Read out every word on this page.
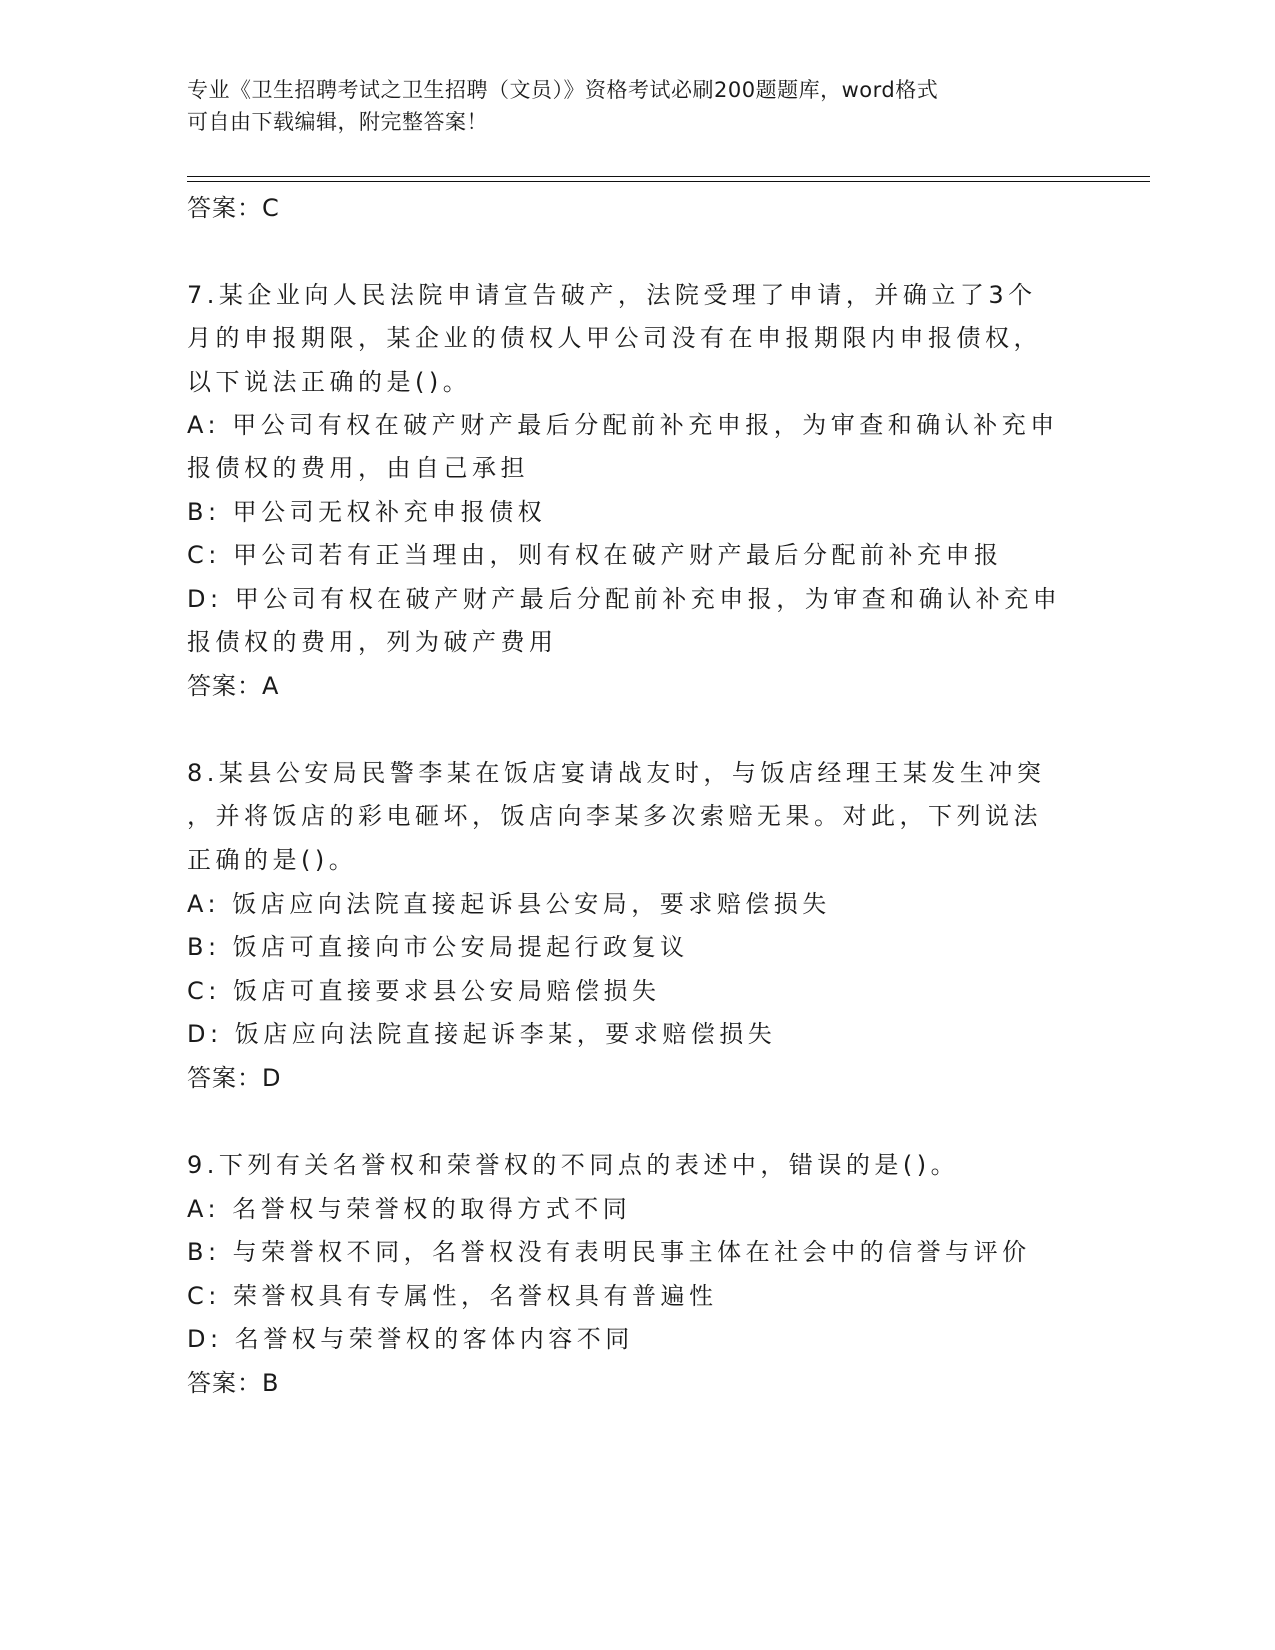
专业《卫生招聘考试之卫生招聘（文员）》资格考试必刷200题题库，word格式
可自由下载编辑，附完整答案！
答案：C
7.某企业向人民法院申请宣告破产，法院受理了申请，并确立了3个
月的申报期限，某企业的债权人甲公司没有在申报期限内申报债权，
以下说法正确的是()。
A: 甲公司有权在破产财产最后分配前补充申报，为审查和确认补充申
报债权的费用，由自己承担
B: 甲公司无权补充申报债权
C: 甲公司若有正当理由，则有权在破产财产最后分配前补充申报
D: 甲公司有权在破产财产最后分配前补充申报，为审查和确认补充申
报债权的费用，列为破产费用
答案：A
8.某县公安局民警李某在饭店宴请战友时，与饭店经理王某发生冲突
，并将饭店的彩电砸坏，饭店向李某多次索赔无果。对此，下列说法
正确的是()。
A: 饭店应向法院直接起诉县公安局，要求赔偿损失
B: 饭店可直接向市公安局提起行政复议
C: 饭店可直接要求县公安局赔偿损失
D: 饭店应向法院直接起诉李某，要求赔偿损失
答案：D
9.下列有关名誉权和荣誉权的不同点的表述中，错误的是()。
A: 名誉权与荣誉权的取得方式不同
B: 与荣誉权不同，名誉权没有表明民事主体在社会中的信誉与评价
C: 荣誉权具有专属性，名誉权具有普遍性
D: 名誉权与荣誉权的客体内容不同
答案：B
